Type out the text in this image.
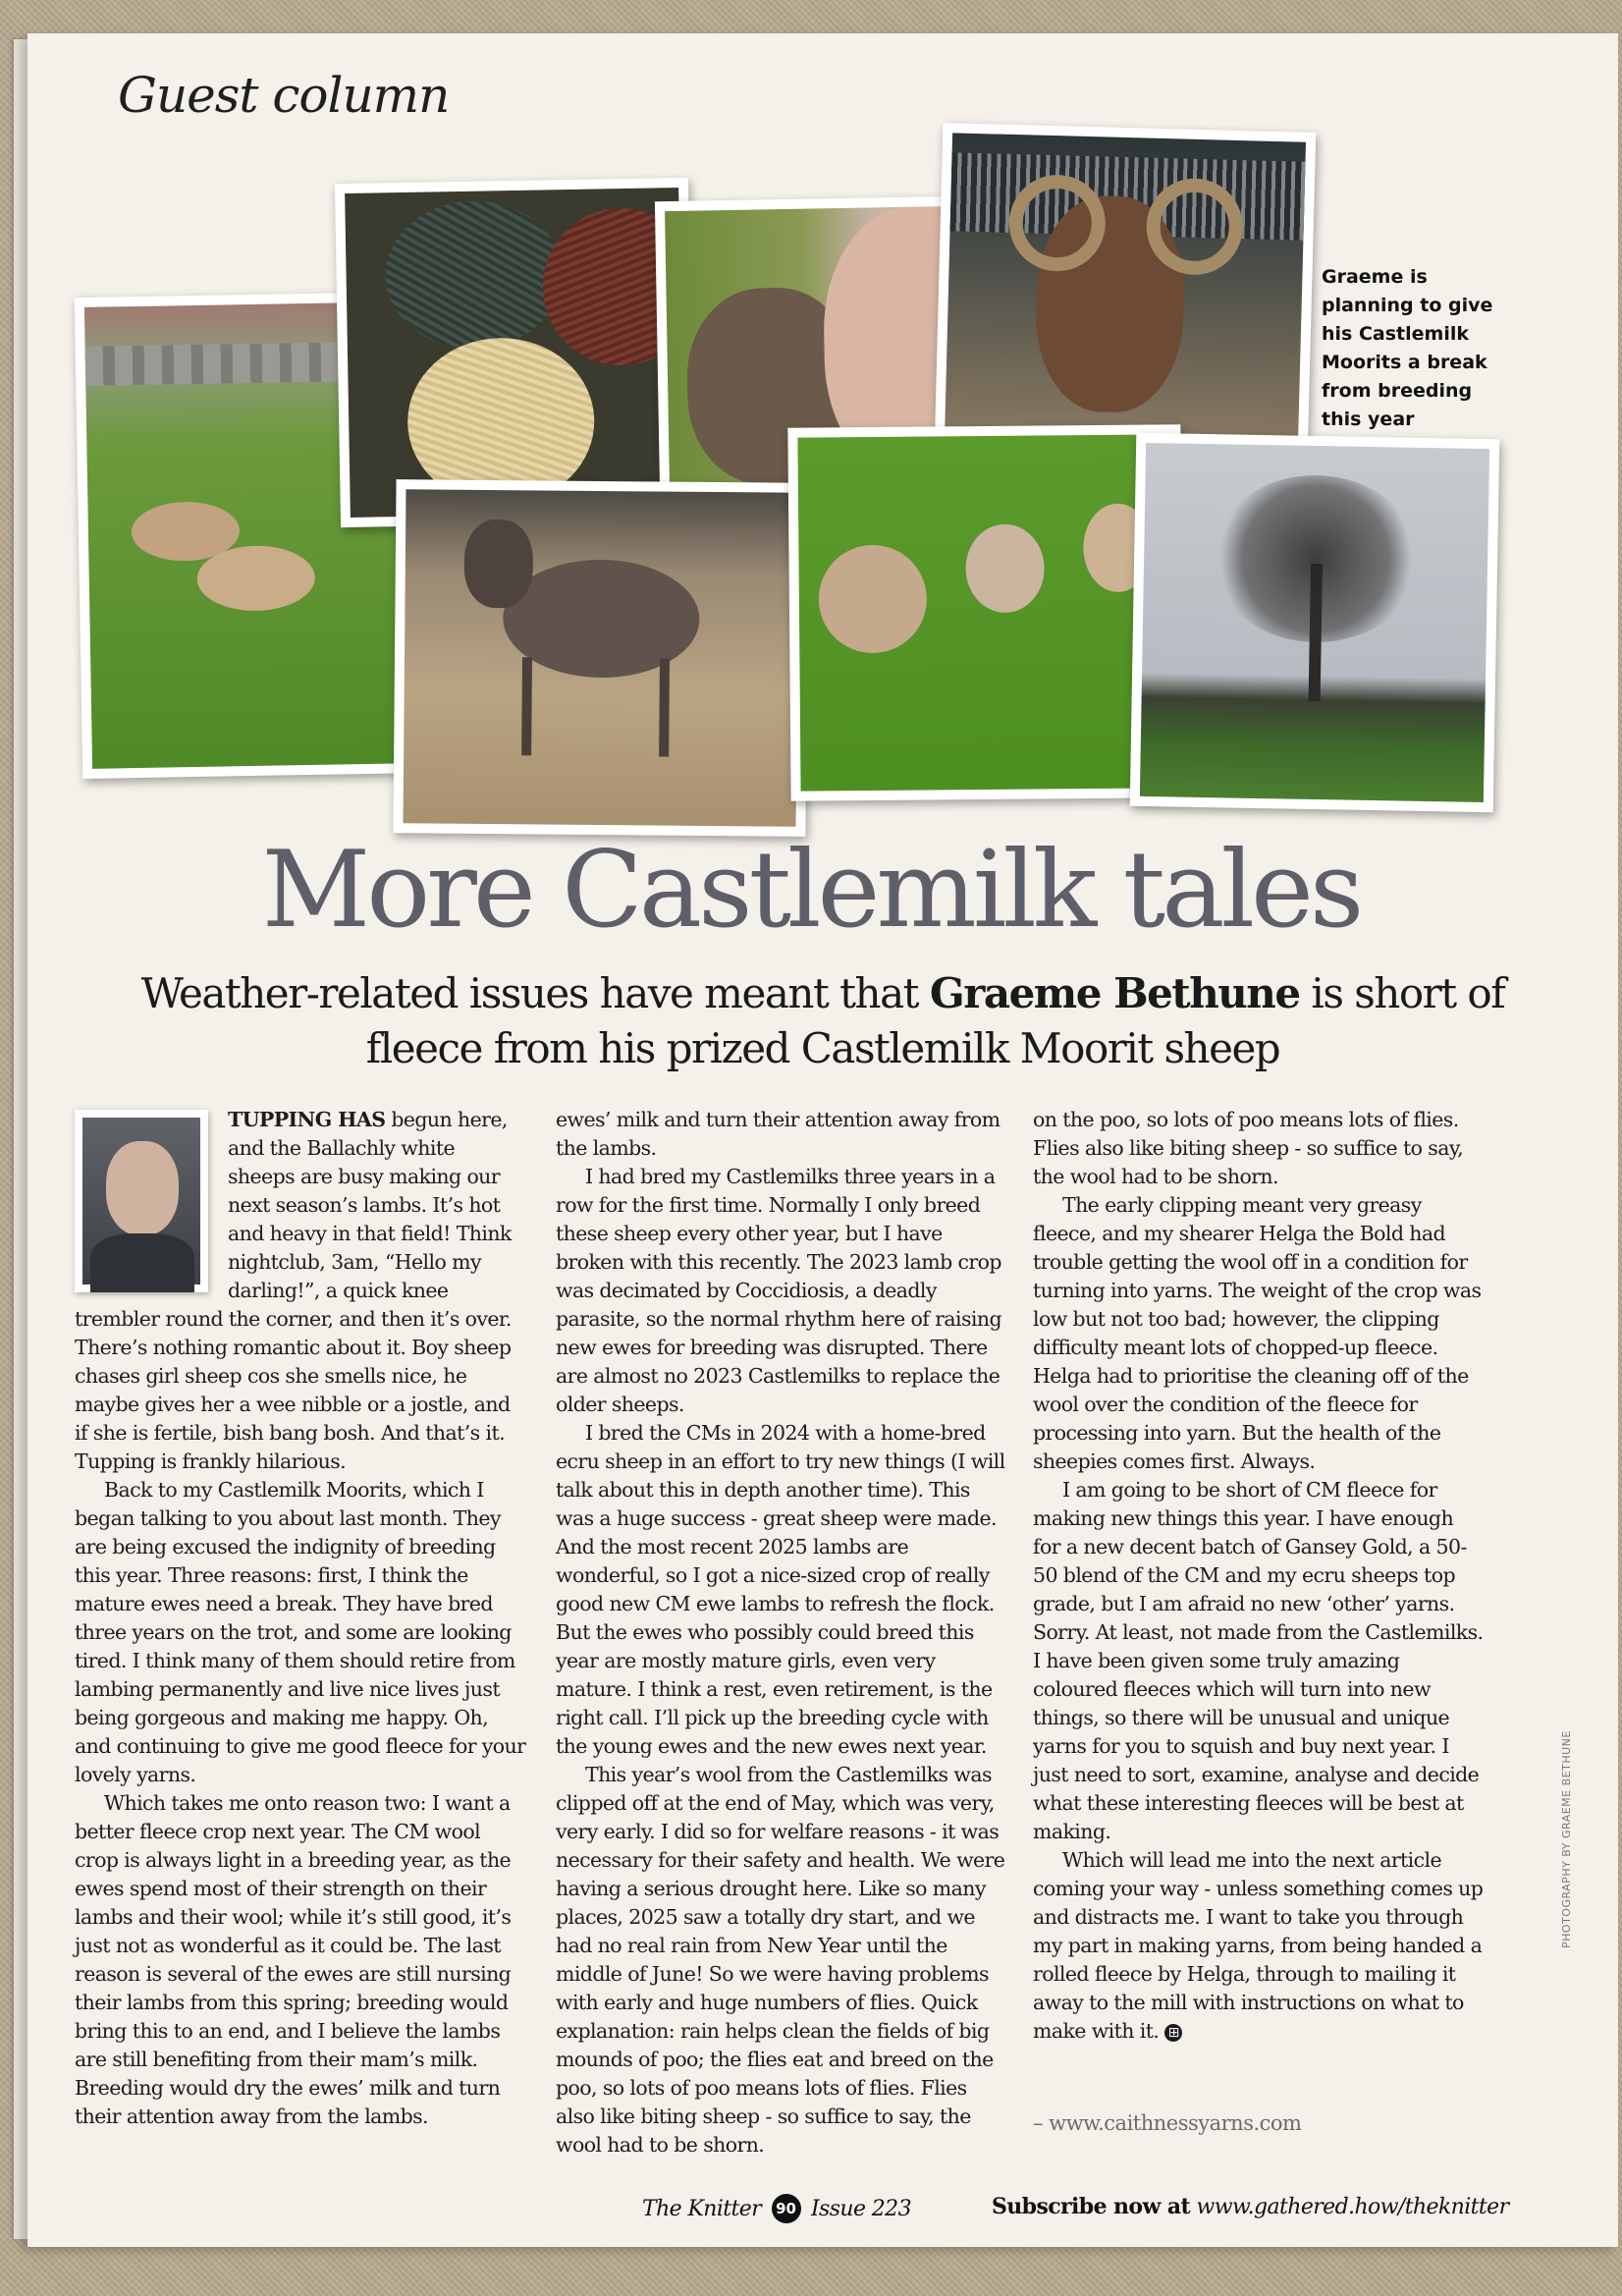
Guest column

Graeme is planning to give his Castlemilk Moorits a break from breeding this year

More Castlemilk tales

Weather-related issues have meant that Graeme Bethune is short of fleece from his prized Castlemilk Moorit sheep

TUPPING HAS begun here, and the Ballachly white sheeps are busy making our next season’s lambs. It’s hot and heavy in that field! Think nightclub, 3am, “Hello my darling!”, a quick knee trembler round the corner, and then it’s over. There’s nothing romantic about it. Boy sheep chases girl sheep cos she smells nice, he maybe gives her a wee nibble or a jostle, and if she is fertile, bish bang bosh. And that’s it. Tupping is frankly hilarious.

Back to my Castlemilk Moorits, which I began talking to you about last month. They are being excused the indignity of breeding this year. Three reasons: first, I think the mature ewes need a break. They have bred three years on the trot, and some are looking tired. I think many of them should retire from lambing permanently and live nice lives just being gorgeous and making me happy. Oh, and continuing to give me good fleece for your lovely yarns.

Which takes me onto reason two: I want a better fleece crop next year. The CM wool crop is always light in a breeding year, as the ewes spend most of their strength on their lambs and their wool; while it’s still good, it’s just not as wonderful as it could be. The last reason is several of the ewes are still nursing their lambs from this spring; breeding would bring this to an end, and I believe the lambs are still benefiting from their mam’s milk. Breeding would dry the ewes’ milk and turn their attention away from the lambs.

ewes’ milk and turn their attention away from the lambs.

I had bred my Castlemilks three years in a row for the first time. Normally I only breed these sheep every other year, but I have broken with this recently. The 2023 lamb crop was decimated by Coccidiosis, a deadly parasite, so the normal rhythm here of raising new ewes for breeding was disrupted. There are almost no 2023 Castlemilks to replace the older sheeps.

I bred the CMs in 2024 with a home-bred ecru sheep in an effort to try new things (I will talk about this in depth another time). This was a huge success - great sheep were made. And the most recent 2025 lambs are wonderful, so I got a nice-sized crop of really good new CM ewe lambs to refresh the flock. But the ewes who possibly could breed this year are mostly mature girls, even very mature. I think a rest, even retirement, is the right call. I’ll pick up the breeding cycle with the young ewes and the new ewes next year.

This year’s wool from the Castlemilks was clipped off at the end of May, which was very, very early. I did so for welfare reasons - it was necessary for their safety and health. We were having a serious drought here. Like so many places, 2025 saw a totally dry start, and we had no real rain from New Year until the middle of June! So we were having problems with early and huge numbers of flies. Quick explanation: rain helps clean the fields of big mounds of poo; the flies eat and breed on the poo, so lots of poo means lots of flies. Flies also like biting sheep - so suffice to say, the wool had to be shorn.

on the poo, so lots of poo means lots of flies. Flies also like biting sheep - so suffice to say, the wool had to be shorn.

The early clipping meant very greasy fleece, and my shearer Helga the Bold had trouble getting the wool off in a condition for turning into yarns. The weight of the crop was low but not too bad; however, the clipping difficulty meant lots of chopped-up fleece. Helga had to prioritise the cleaning off of the wool over the condition of the fleece for processing into yarn. But the health of the sheepies comes first. Always.

I am going to be short of CM fleece for making new things this year. I have enough for a new decent batch of Gansey Gold, a 50-50 blend of the CM and my ecru sheeps top grade, but I am afraid no new ‘other’ yarns. Sorry. At least, not made from the Castlemilks. I have been given some truly amazing coloured fleeces which will turn into new things, so there will be unusual and unique yarns for you to squish and buy next year. I just need to sort, examine, analyse and decide what these interesting fleeces will be best at making.

Which will lead me into the next article coming your way - unless something comes up and distracts me. I want to take you through my part in making yarns, from being handed a rolled fleece by Helga, through to mailing it away to the mill with instructions on what to make with it. ⊞

– www.caithnessyarns.com

PHOTOGRAPHY BY GRAEME BETHUNE

The Knitter 90 Issue 223	Subscribe now at www.gathered.how/theknitter
